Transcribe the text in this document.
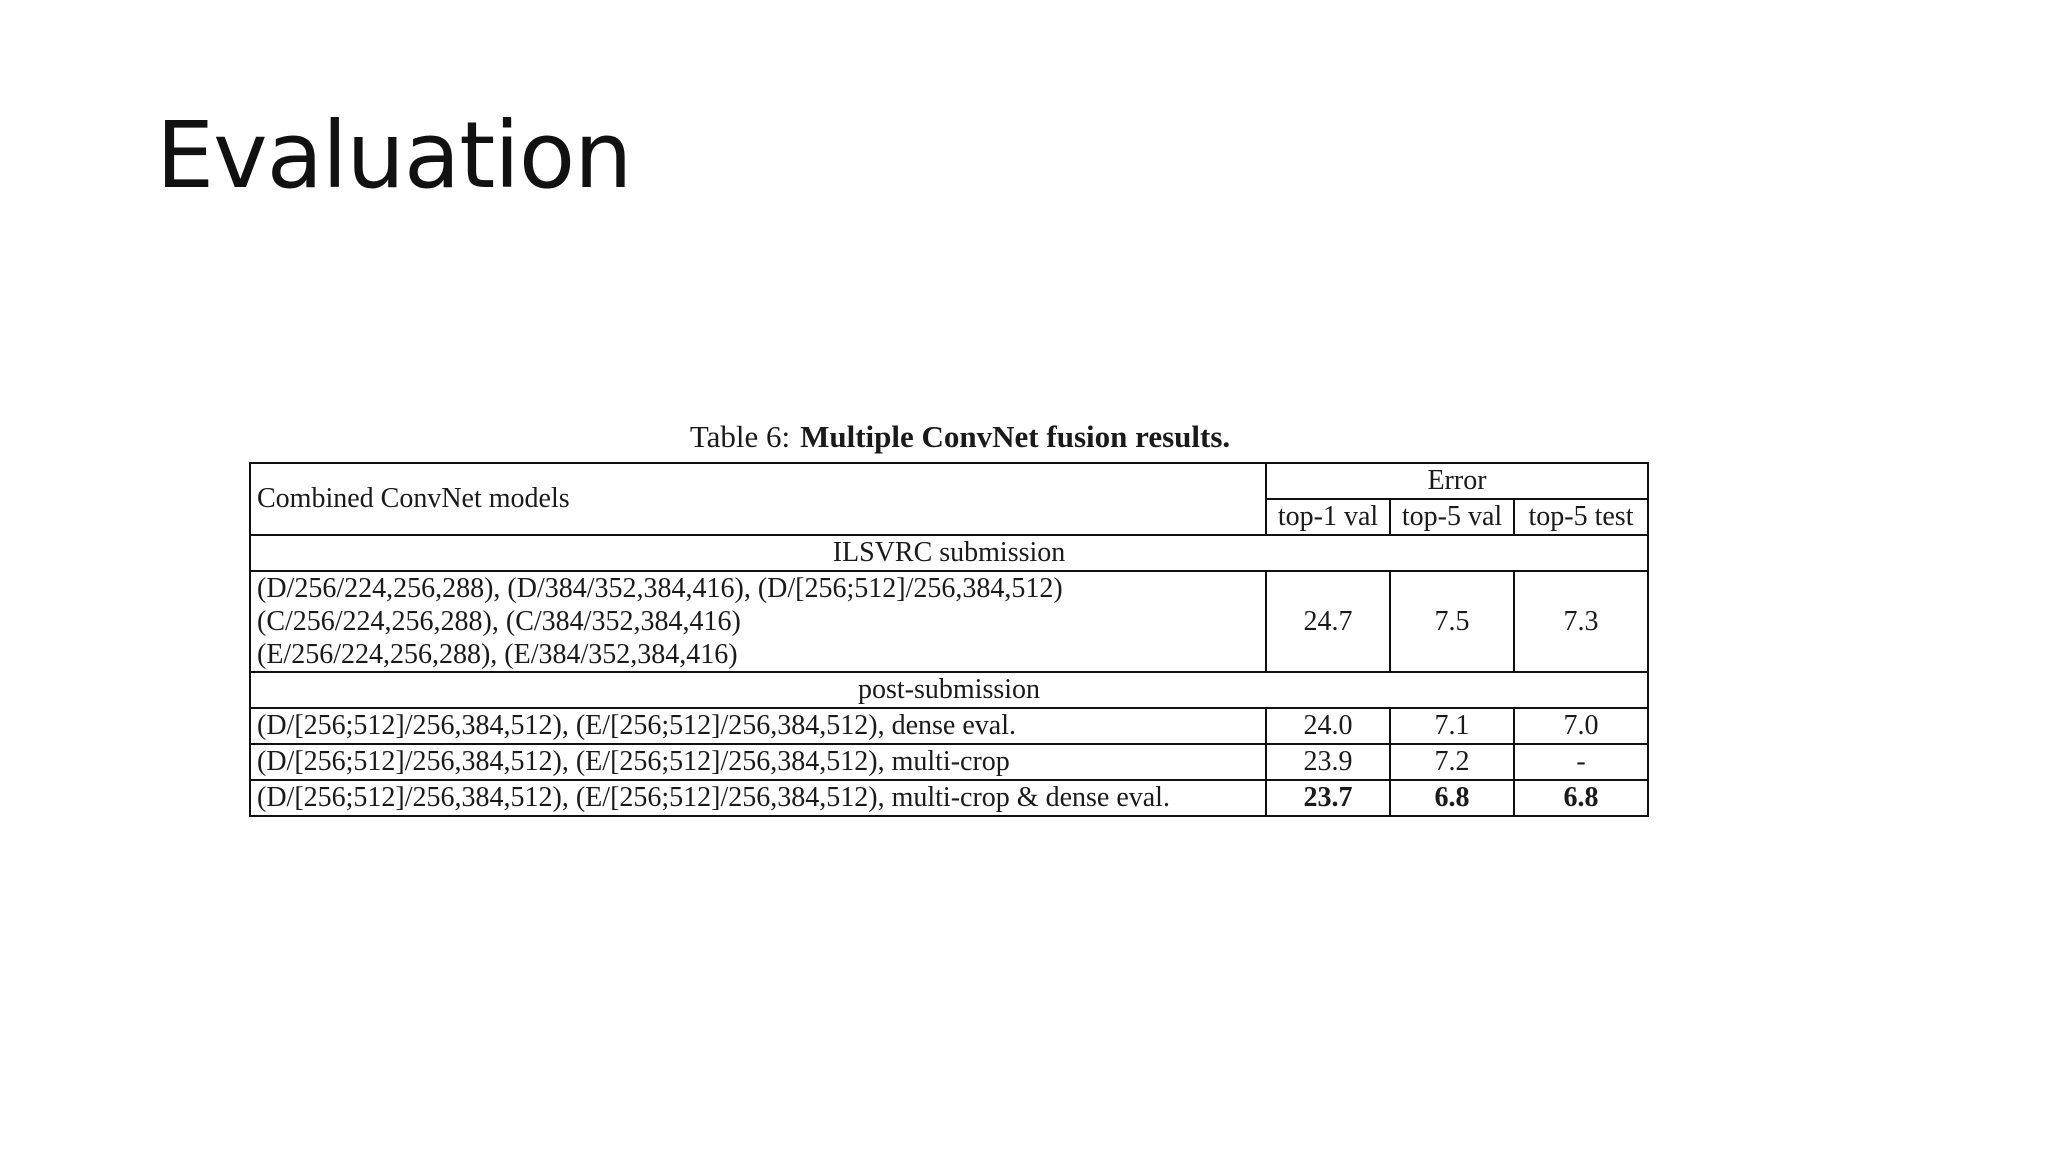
Evaluation
Table 6: Multiple ConvNet fusion results.
Combined ConvNet models	Error		
	top-1 val	top-5 val	top-5 test
ILSVRC submission			

(D/256/224,256,288), (D/384/352,384,416), (D/[256;512]/256,384,512)
(C/256/224,256,288), (C/384/352,384,416)
(E/256/224,256,288), (E/384/352,384,416)	24.7	7.5	7.3
post-submission			
(D/[256;512]/256,384,512), (E/[256;512]/256,384,512), dense eval.	24.0	7.1	7.0
(D/[256;512]/256,384,512), (E/[256;512]/256,384,512), multi-crop	23.9	7.2	-
(D/[256;512]/256,384,512), (E/[256;512]/256,384,512), multi-crop & dense eval.	23.7	6.8	6.8
